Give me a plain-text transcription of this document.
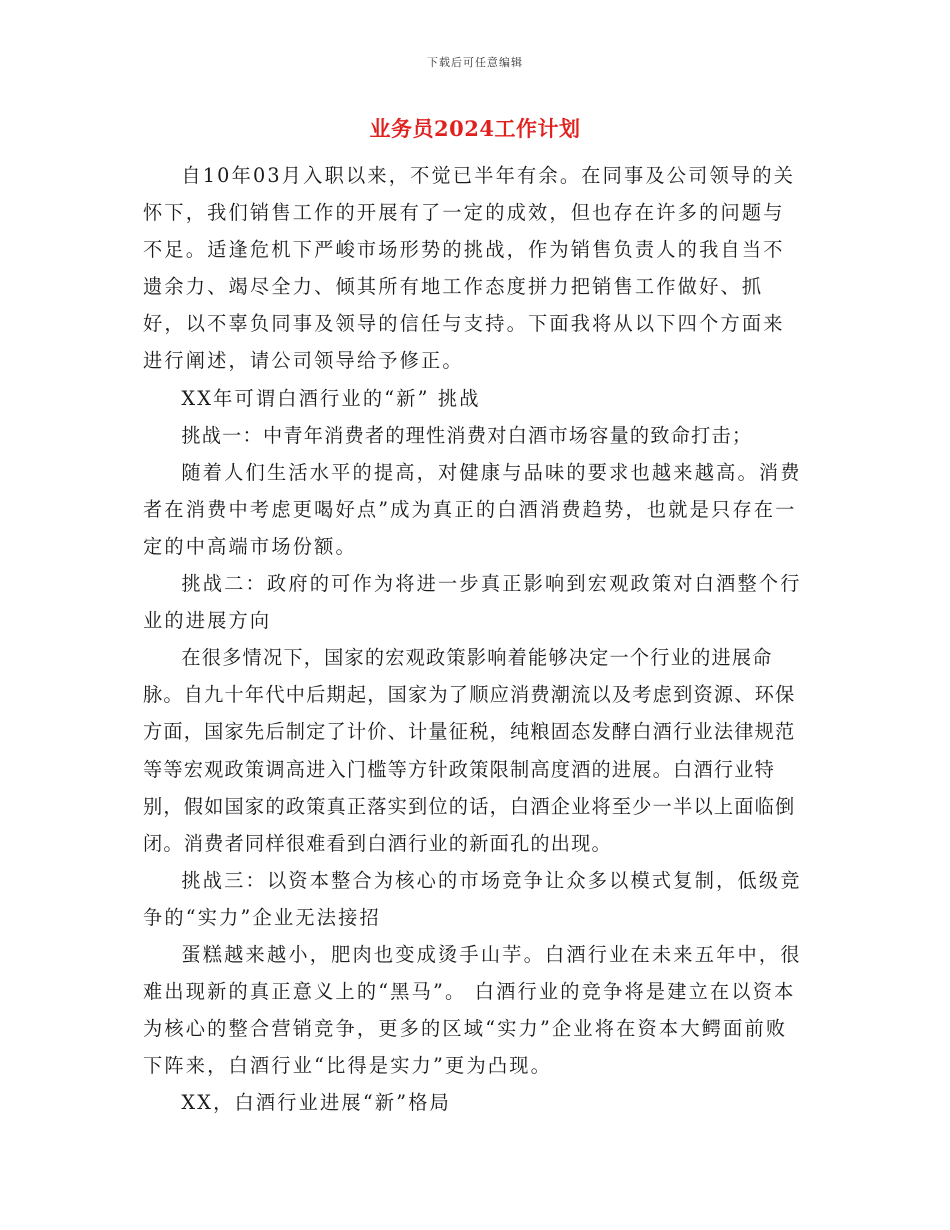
下载后可任意编辑
业务员2024工作计划

自10年03月入职以来，不觉已半年有余。在同事及公司领导的关怀下，我们销售工作的开展有了一定的成效，但也存在许多的问题与不足。适逢危机下严峻市场形势的挑战，作为销售负责人的我自当不遗余力、竭尽全力、倾其所有地工作态度拼力把销售工作做好、抓好，以不辜负同事及领导的信任与支持。下面我将从以下四个方面来进行阐述，请公司领导给予修正。

XX年可谓白酒行业的“新” 挑战

挑战一：中青年消费者的理性消费对白酒市场容量的致命打击；

随着人们生活水平的提高，对健康与品味的要求也越来越高。消费者在消费中考虑更喝好点”成为真正的白酒消费趋势，也就是只存在一定的中高端市场份额。

挑战二：政府的可作为将进一步真正影响到宏观政策对白酒整个行业的进展方向

在很多情况下，国家的宏观政策影响着能够决定一个行业的进展命脉。自九十年代中后期起，国家为了顺应消费潮流以及考虑到资源、环保方面，国家先后制定了计价、计量征税，纯粮固态发酵白酒行业法律规范等等宏观政策调高进入门槛等方针政策限制高度酒的进展。白酒行业特别，假如国家的政策真正落实到位的话，白酒企业将至少一半以上面临倒闭。消费者同样很难看到白酒行业的新面孔的出现。

挑战三：以资本整合为核心的市场竞争让众多以模式复制，低级竞争的“实力”企业无法接招

蛋糕越来越小，肥肉也变成烫手山芋。白酒行业在未来五年中，很难出现新的真正意义上的“黑马”。 白酒行业的竞争将是建立在以资本为核心的整合营销竞争，更多的区域“实力”企业将在资本大鳄面前败下阵来，白酒行业“比得是实力”更为凸现。

XX，白酒行业进展“新”格局
